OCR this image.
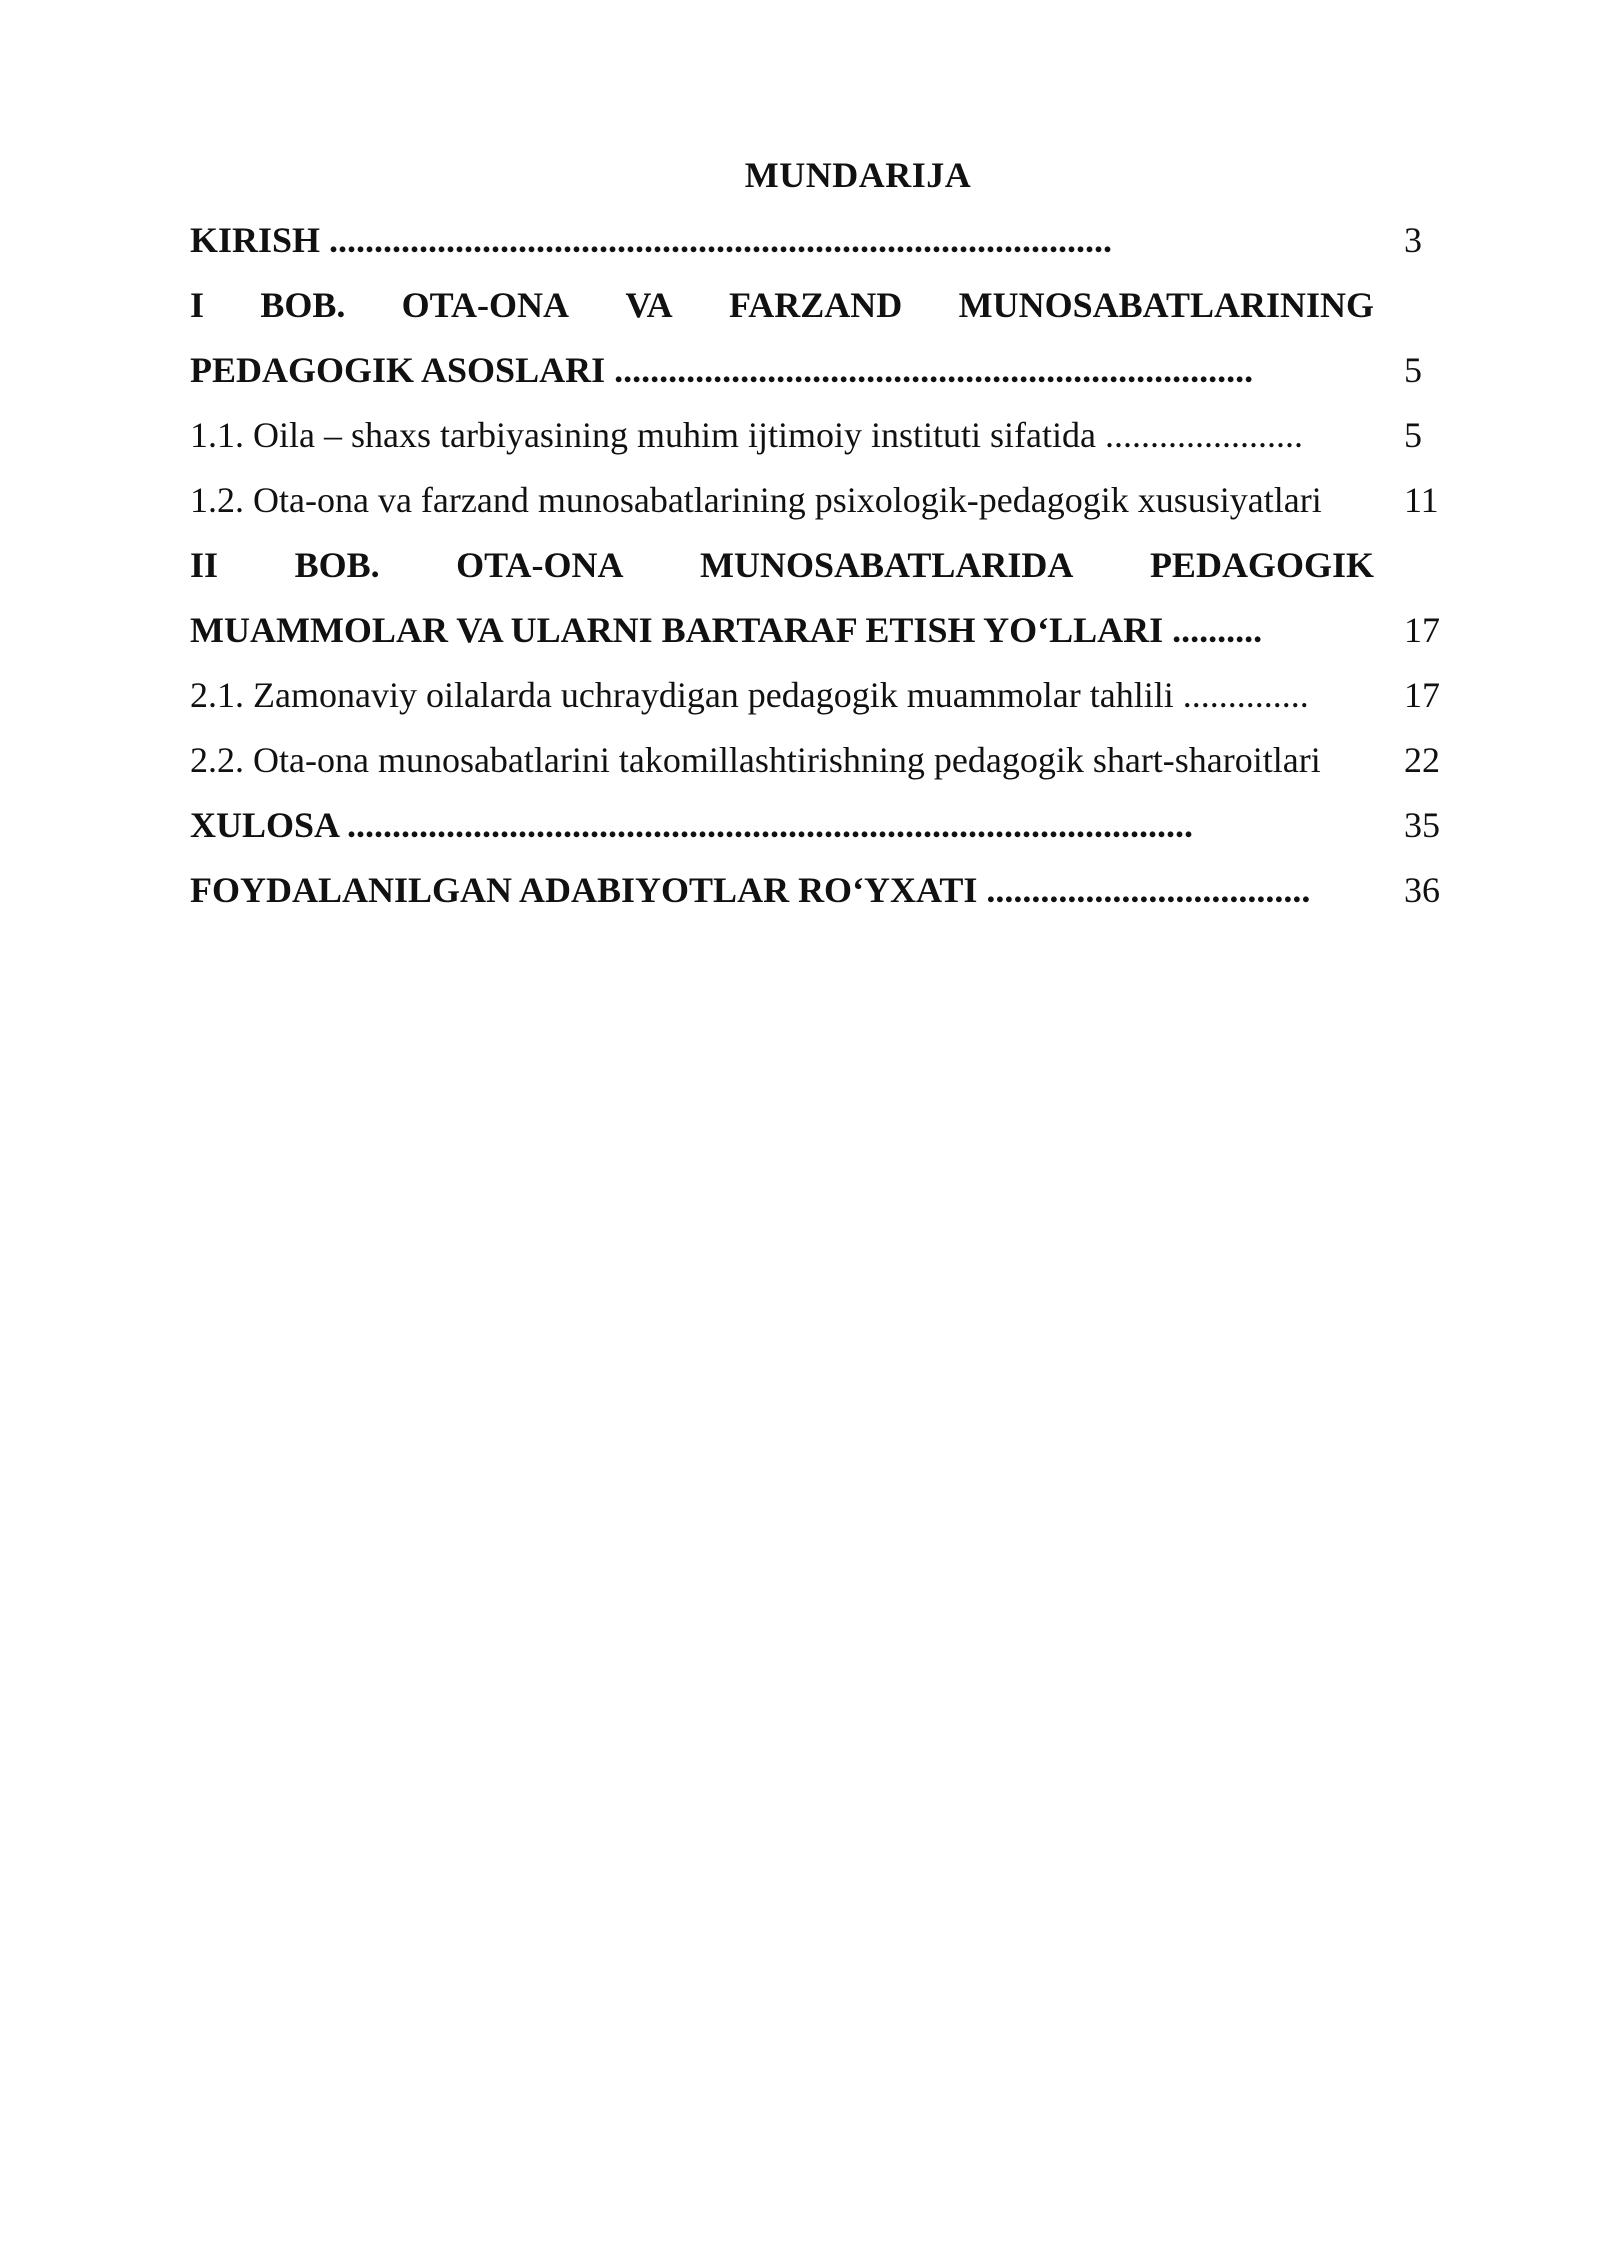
MUNDARIJA
KIRISH .......................................................................................	3
I BOB. OTA-ONA VA FARZAND MUNOSABATLARINING
PEDAGOGIK ASOSLARI .......................................................................	5
1.1. Oila – shaxs tarbiyasining muhim ijtimoiy instituti sifatida ......................	5
1.2. Ota-ona va farzand munosabatlarining psixologik-pedagogik xususiyatlari	11
II BOB. OTA-ONA MUNOSABATLARIDA PEDAGOGIK
MUAMMOLAR VA ULARNI BARTARAF ETISH YO‘LLARI ..........	17
2.1. Zamonaviy oilalarda uchraydigan pedagogik muammolar tahlili ..............	17
2.2. Ota-ona munosabatlarini takomillashtirishning pedagogik shart-sharoitlari	22
XULOSA ..............................................................................................	35
FOYDALANILGAN ADABIYOTLAR RO‘YXATI ....................................	36
